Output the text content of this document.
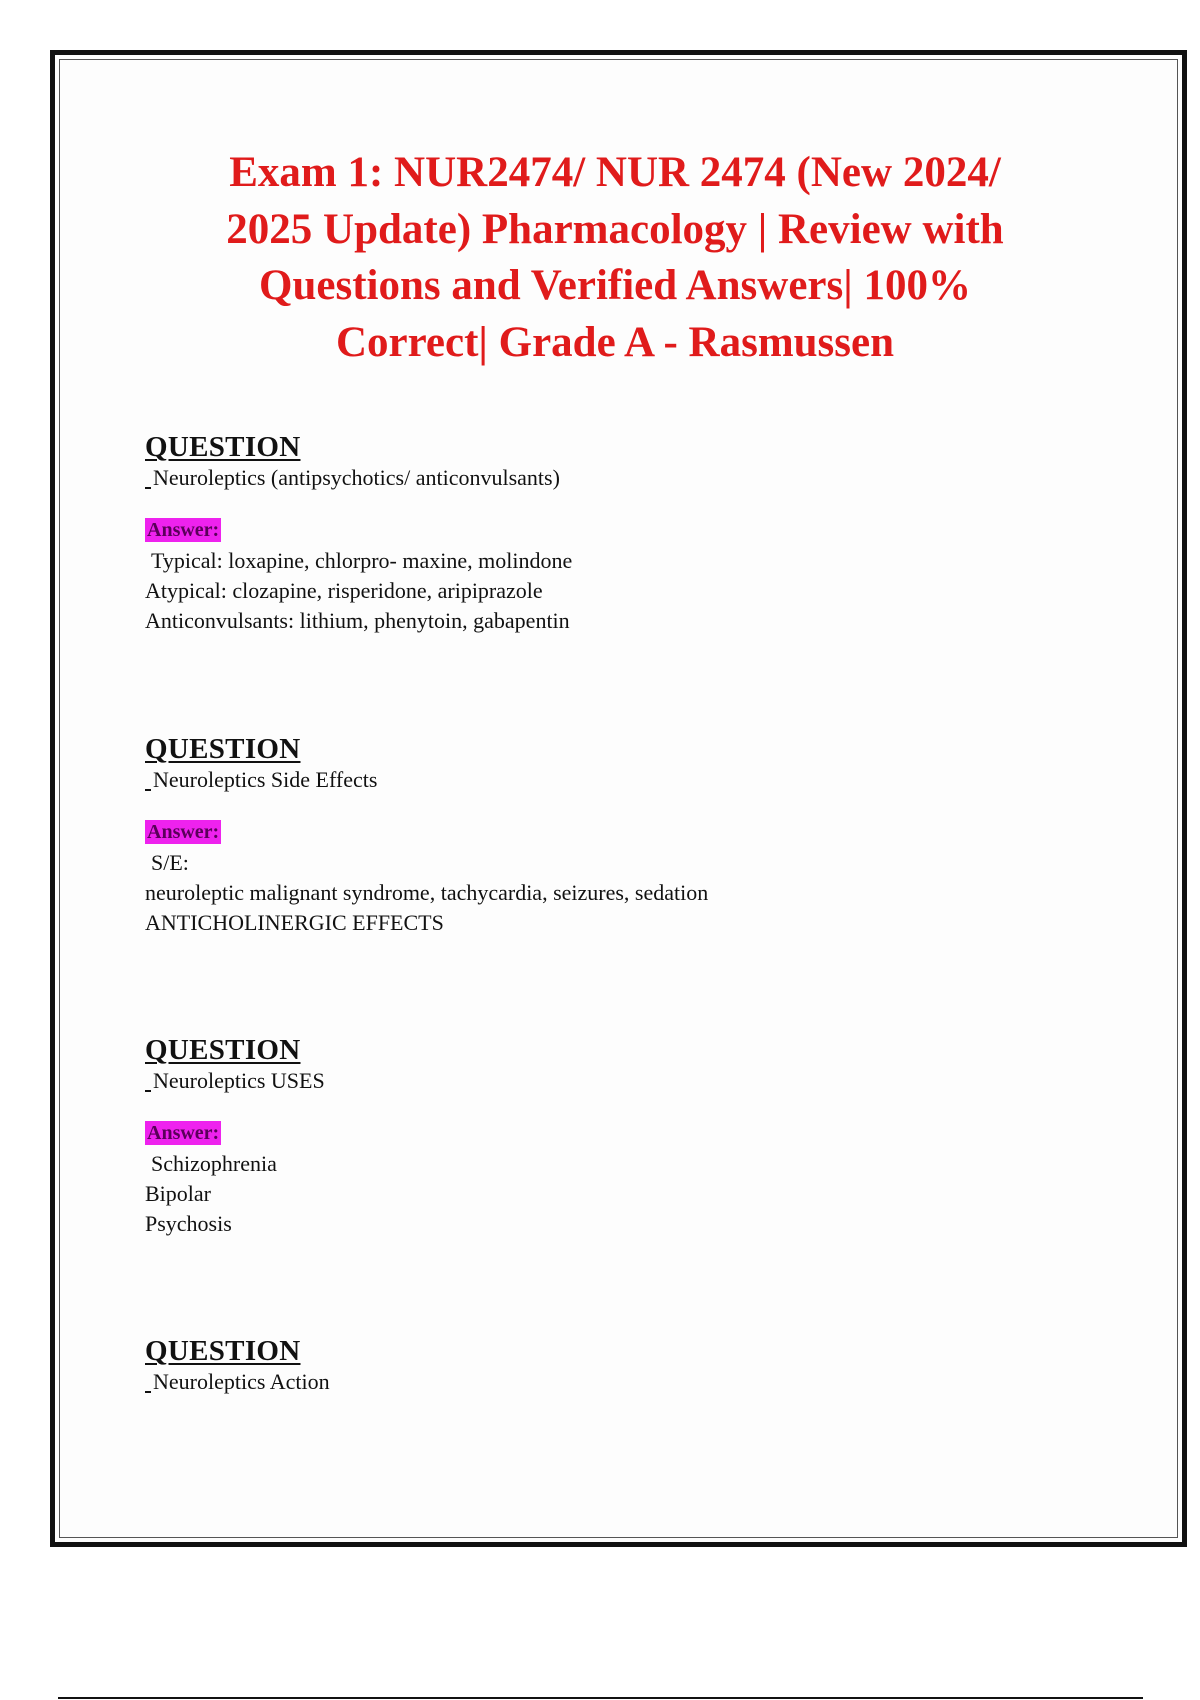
Exam 1: NUR2474/ NUR 2474 (New 2024/
2025 Update) Pharmacology | Review with
Questions and Verified Answers| 100%
Correct| Grade A - Rasmussen
QUESTION
Neuroleptics (antipsychotics/ anticonvulsants)
Answer:
Typical: loxapine, chlorpro- maxine, molindone
Atypical: clozapine, risperidone, aripiprazole
Anticonvulsants: lithium, phenytoin, gabapentin
QUESTION
Neuroleptics Side Effects
Answer:
S/E:
neuroleptic malignant syndrome, tachycardia, seizures, sedation
ANTICHOLINERGIC EFFECTS
QUESTION
Neuroleptics USES
Answer:
Schizophrenia
Bipolar
Psychosis
QUESTION
Neuroleptics Action
